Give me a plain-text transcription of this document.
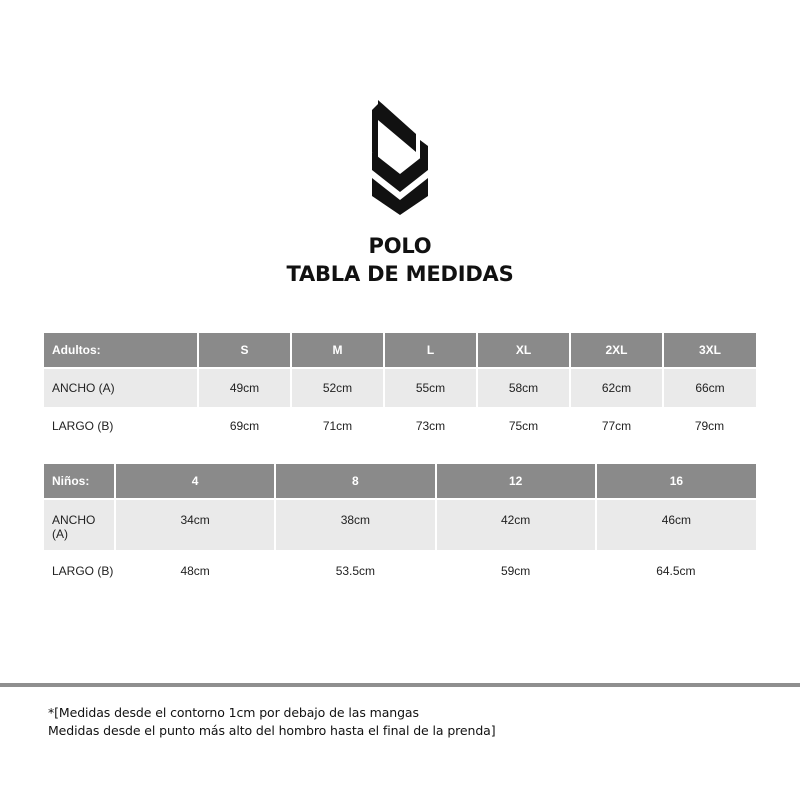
POLO
TABLA DE MEDIDAS
Adultos:	S	M	L	XL	2XL	3XL
ANCHO (A)	49cm	52cm	55cm	58cm	62cm	66cm
LARGO (B)	69cm	71cm	73cm	75cm	77cm	79cm
Niños:	4	8	12	16
ANCHO (A)	34cm	38cm	42cm	46cm
LARGO (B)	48cm	53.5cm	59cm	64.5cm
*[Medidas desde el contorno 1cm por debajo de las mangas
Medidas desde el punto más alto del hombro hasta el final de la prenda]
